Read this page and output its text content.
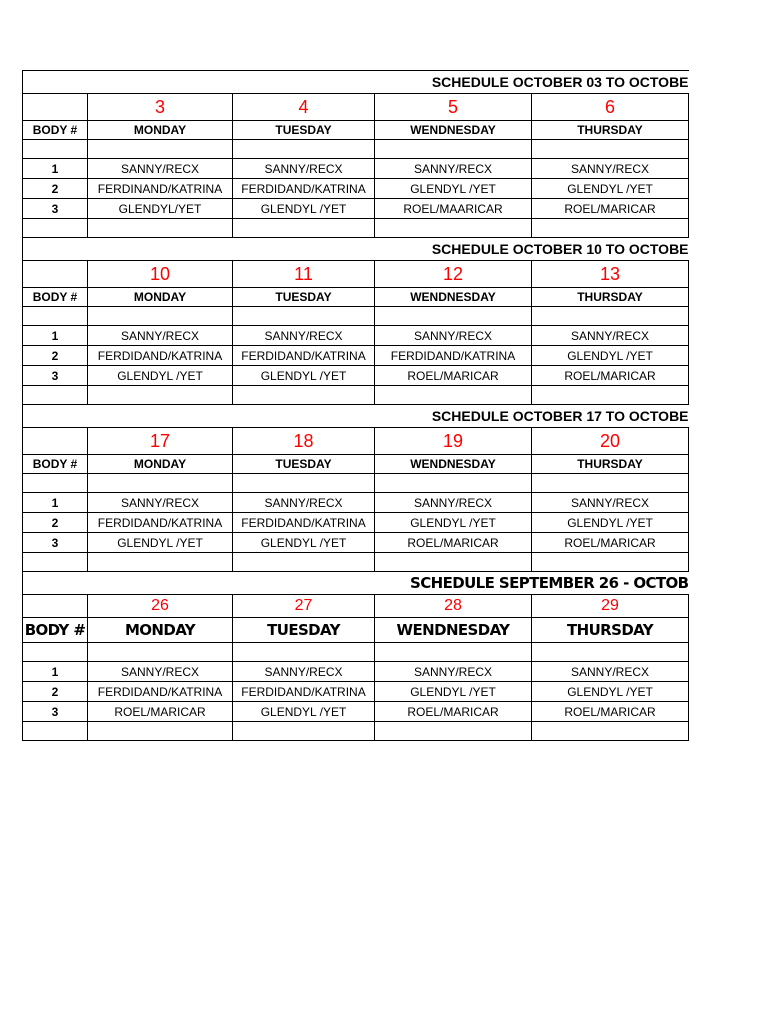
SCHEDULE OCTOBER 03 TO OCTOBE				
	3	4	5	6
BODY #	MONDAY	TUESDAY	WENDNESDAY	THURSDAY

1	SANNY/RECX	SANNY/RECX	SANNY/RECX	SANNY/RECX
2	FERDINAND/KATRINA	FERDIDAND/KATRINA	GLENDYL /YET	GLENDYL /YET
3	GLENDYL/YET	GLENDYL /YET	ROEL/MAARICAR	ROEL/MARICAR

SCHEDULE OCTOBER 10 TO OCTOBE				
	10	11	12	13
BODY #	MONDAY	TUESDAY	WENDNESDAY	THURSDAY

1	SANNY/RECX	SANNY/RECX	SANNY/RECX	SANNY/RECX
2	FERDIDAND/KATRINA	FERDIDAND/KATRINA	FERDIDAND/KATRINA	GLENDYL /YET
3	GLENDYL /YET	GLENDYL /YET	ROEL/MARICAR	ROEL/MARICAR

SCHEDULE OCTOBER 17 TO OCTOBE				
	17	18	19	20
BODY #	MONDAY	TUESDAY	WENDNESDAY	THURSDAY

1	SANNY/RECX	SANNY/RECX	SANNY/RECX	SANNY/RECX
2	FERDIDAND/KATRINA	FERDIDAND/KATRINA	GLENDYL /YET	GLENDYL /YET
3	GLENDYL /YET	GLENDYL /YET	ROEL/MARICAR	ROEL/MARICAR

SCHEDULE SEPTEMBER 26 - OCTOB				
	26	27	28	29
BODY #	MONDAY	TUESDAY	WENDNESDAY	THURSDAY

1	SANNY/RECX	SANNY/RECX	SANNY/RECX	SANNY/RECX
2	FERDIDAND/KATRINA	FERDIDAND/KATRINA	GLENDYL /YET	GLENDYL /YET
3	ROEL/MARICAR	GLENDYL /YET	ROEL/MARICAR	ROEL/MARICAR
